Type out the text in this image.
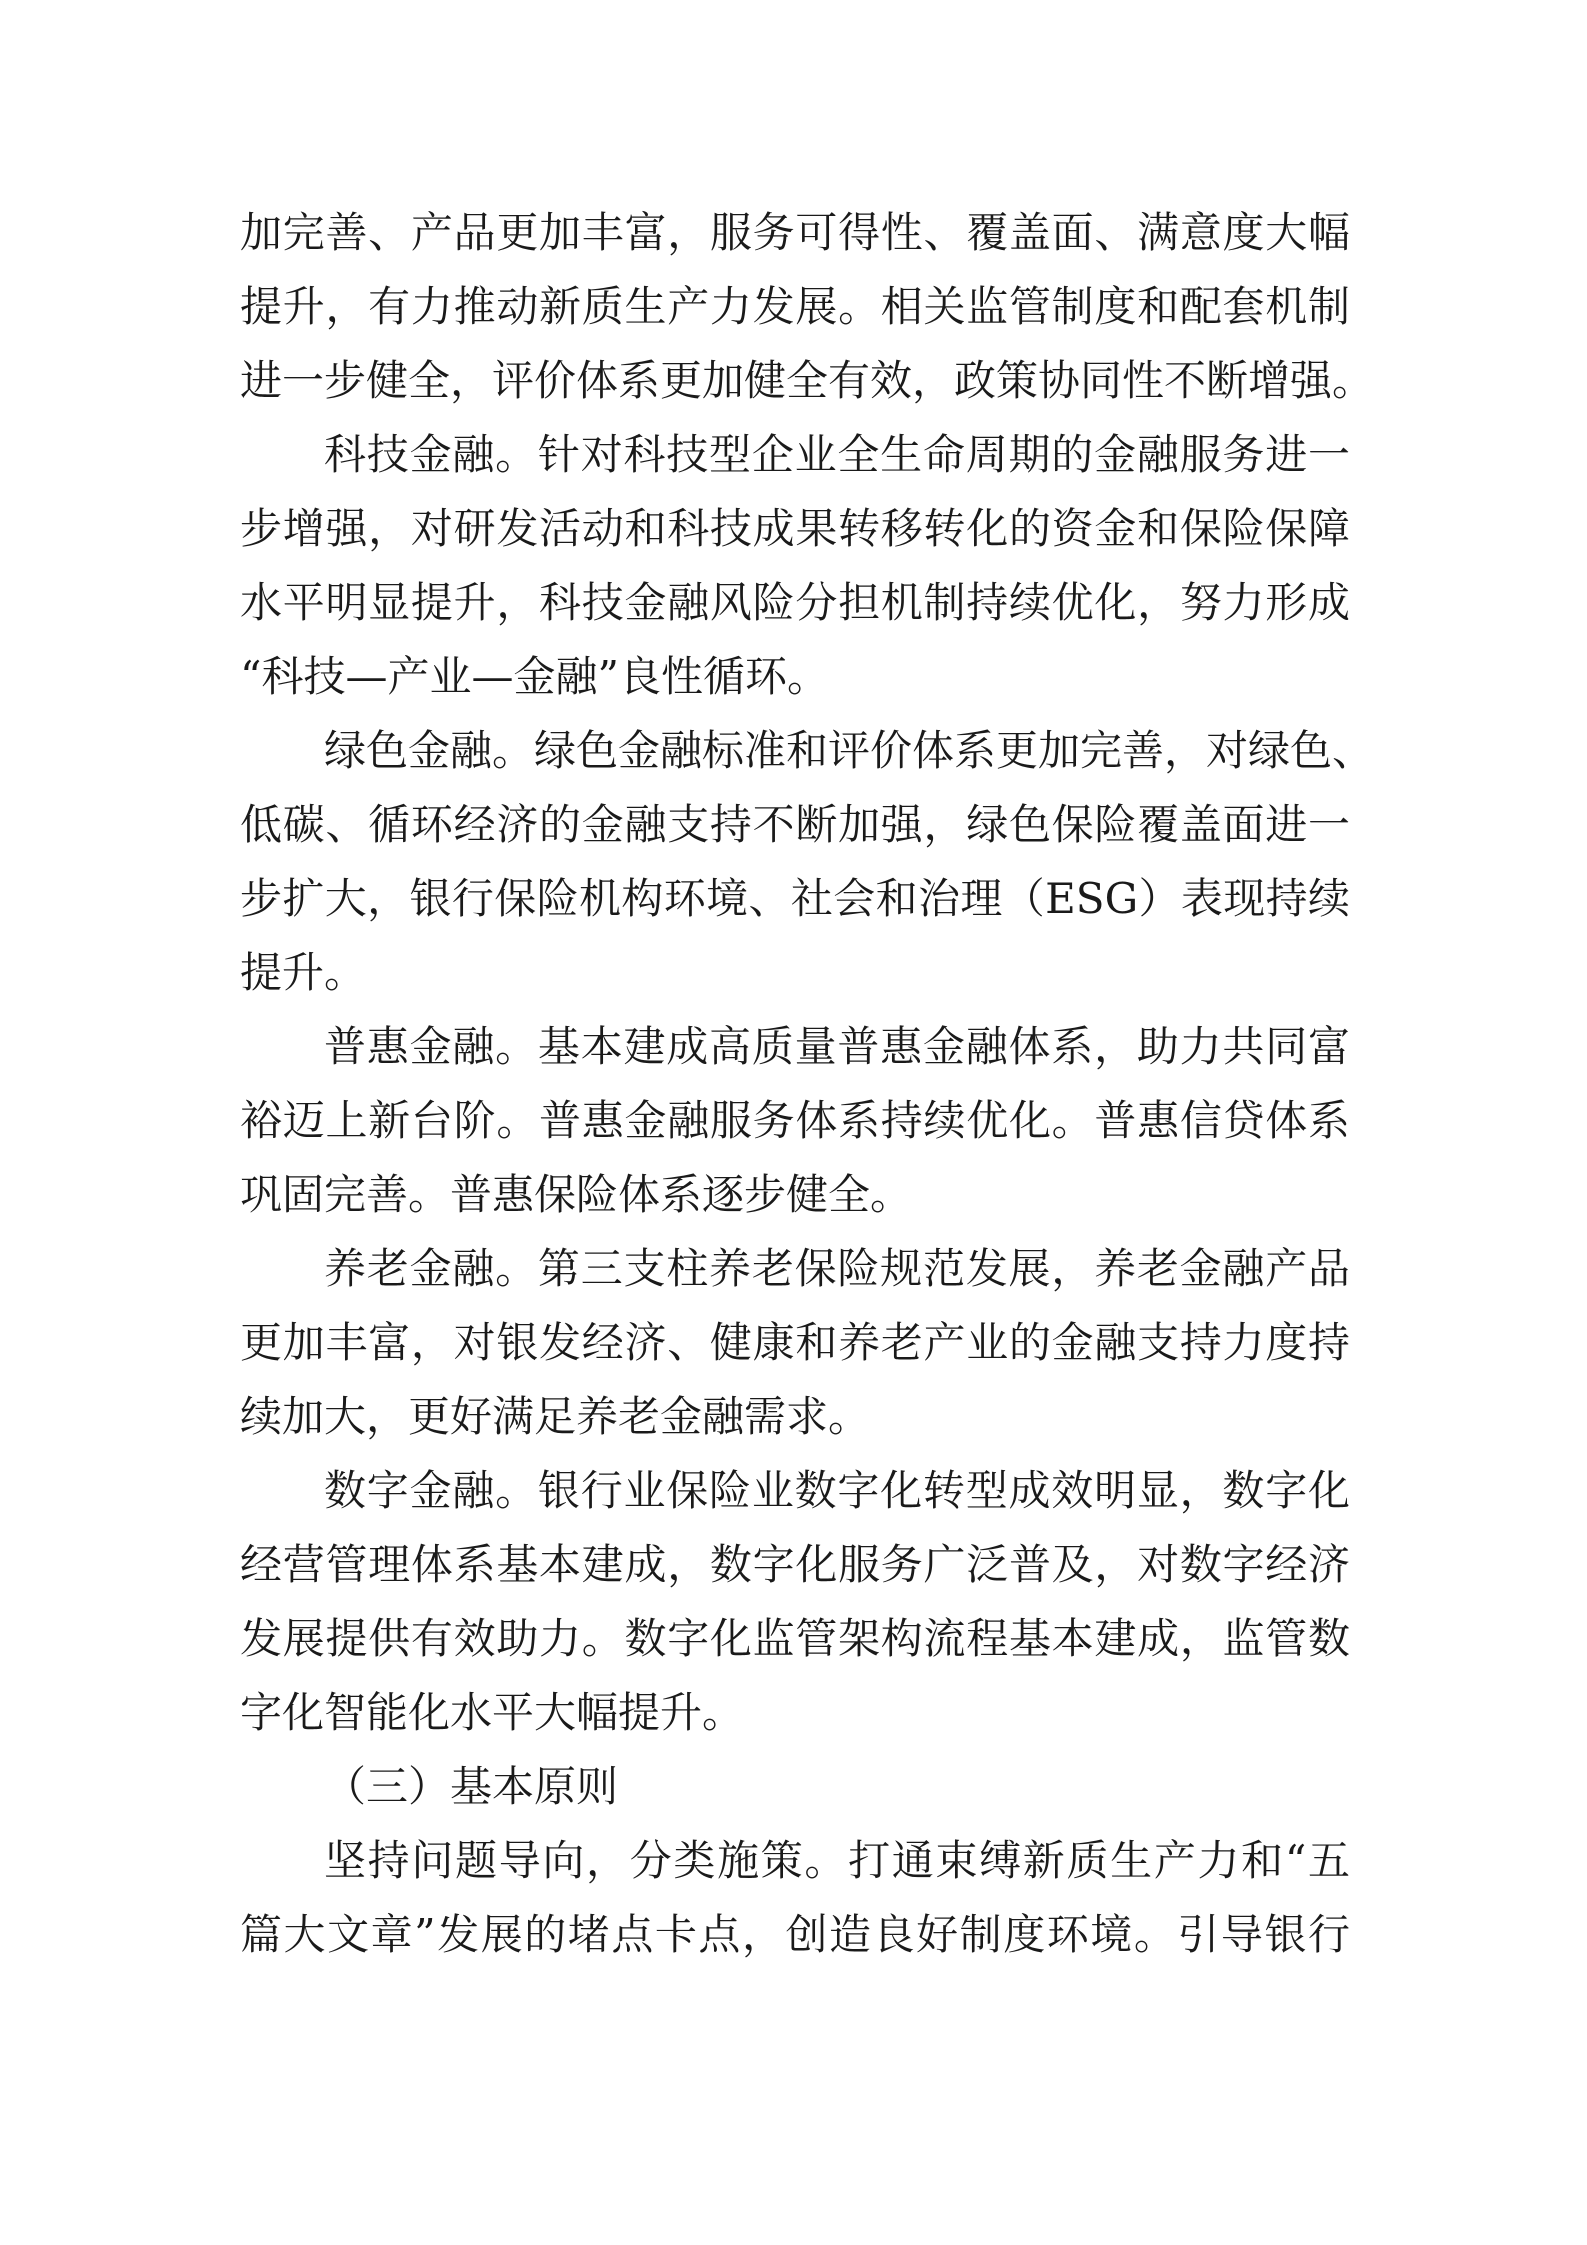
加完善、产品更加丰富，服务可得性、覆盖面、满意度大幅
提升，有力推动新质生产力发展。相关监管制度和配套机制
进一步健全，评价体系更加健全有效，政策协同性不断增强。
科技金融。针对科技型企业全生命周期的金融服务进一
步增强，对研发活动和科技成果转移转化的资金和保险保障
水平明显提升，科技金融风险分担机制持续优化，努力形成
“科技—产业—金融”良性循环。
绿色金融。绿色金融标准和评价体系更加完善，对绿色、
低碳、循环经济的金融支持不断加强，绿色保险覆盖面进一
步扩大，银行保险机构环境、社会和治理（ESG）表现持续
提升。
普惠金融。基本建成高质量普惠金融体系，助力共同富
裕迈上新台阶。普惠金融服务体系持续优化。普惠信贷体系
巩固完善。普惠保险体系逐步健全。
养老金融。第三支柱养老保险规范发展，养老金融产品
更加丰富，对银发经济、健康和养老产业的金融支持力度持
续加大，更好满足养老金融需求。
数字金融。银行业保险业数字化转型成效明显，数字化
经营管理体系基本建成，数字化服务广泛普及，对数字经济
发展提供有效助力。数字化监管架构流程基本建成，监管数
字化智能化水平大幅提升。
（三）基本原则
坚持问题导向，分类施策。打通束缚新质生产力和“五
篇大文章”发展的堵点卡点，创造良好制度环境。引导银行
